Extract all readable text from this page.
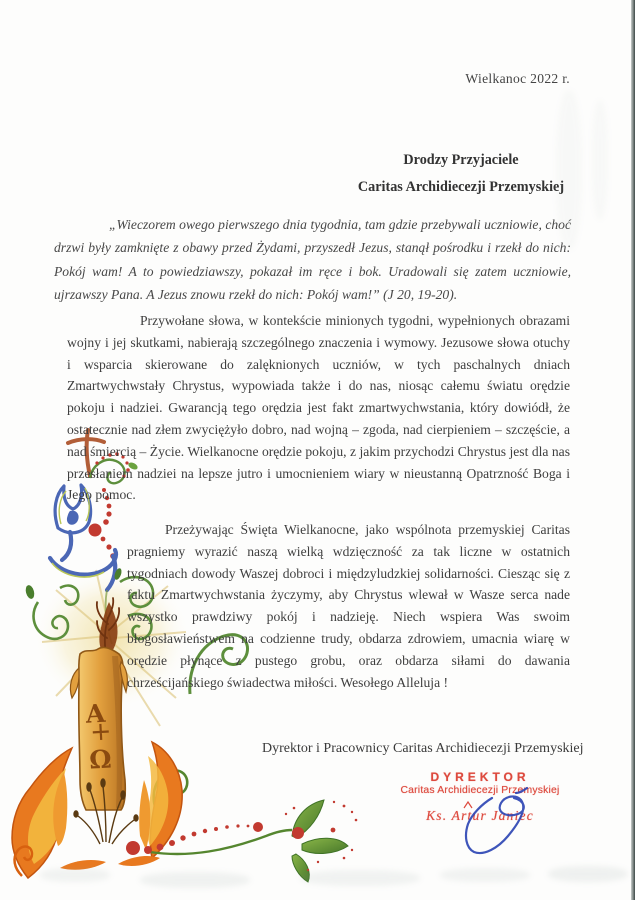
Α
Ω
Wielkanoc 2022 r.
Drodzy Przyjaciele
Caritas Archidiecezji Przemyskiej
„Wieczorem owego pierwszego dnia tygodnia, tam gdzie przebywali uczniowie, choć drzwi były zamknięte z obawy przed Żydami, przyszedł Jezus, stanął pośrodku i rzekł do nich: Pokój wam! A to powiedziawszy, pokazał im ręce i bok. Uradowali się zatem uczniowie, ujrzawszy Pana. A Jezus znowu rzekł do nich: Pokój wam!” (J 20, 19-20).
Przywołane słowa, w kontekście minionych tygodni, wypełnionych obrazami wojny i jej skutkami, nabierają szczególnego znaczenia i wymowy. Jezusowe słowa otuchy i wsparcia skierowane do zalęknionych uczniów, w tych paschalnych dniach Zmartwychwstały Chrystus, wypowiada także i do nas, niosąc całemu światu orędzie pokoju i nadziei. Gwarancją tego orędzia jest fakt zmartwychwstania, który dowiódł, że ostatecznie nad złem zwyciężyło dobro, nad wojną – zgoda, nad cierpieniem – szczęście, a nad śmiercią – Życie. Wielkanocne orędzie pokoju, z jakim przychodzi Chrystus jest dla nas przesłaniem nadziei na lepsze jutro i umocnieniem wiary w nieustanną Opatrzność Boga i Jego pomoc.
Przeżywając Święta Wielkanocne, jako wspólnota przemyskiej Caritas pragniemy wyrazić naszą wielką wdzięczność za tak liczne w ostatnich tygodniach dowody Waszej dobroci i międzyludzkiej solidarności. Ciesząc się z faktu Zmartwychwstania życzymy, aby Chrystus wlewał w Wasze serca nade wszystko prawdziwy pokój i nadzieję. Niech wspiera Was swoim błogosławieństwem na codzienne trudy, obdarza zdrowiem, umacnia wiarę w orędzie płynące z pustego grobu, oraz obdarza siłami do dawania chrześcijańskiego świadectwa miłości. Wesołego Alleluja !
Dyrektor i Pracownicy Caritas Archidiecezji Przemyskiej
DYREKTOR
Caritas Archidiecezji Przemyskiej
Ks. Artur Janiec
